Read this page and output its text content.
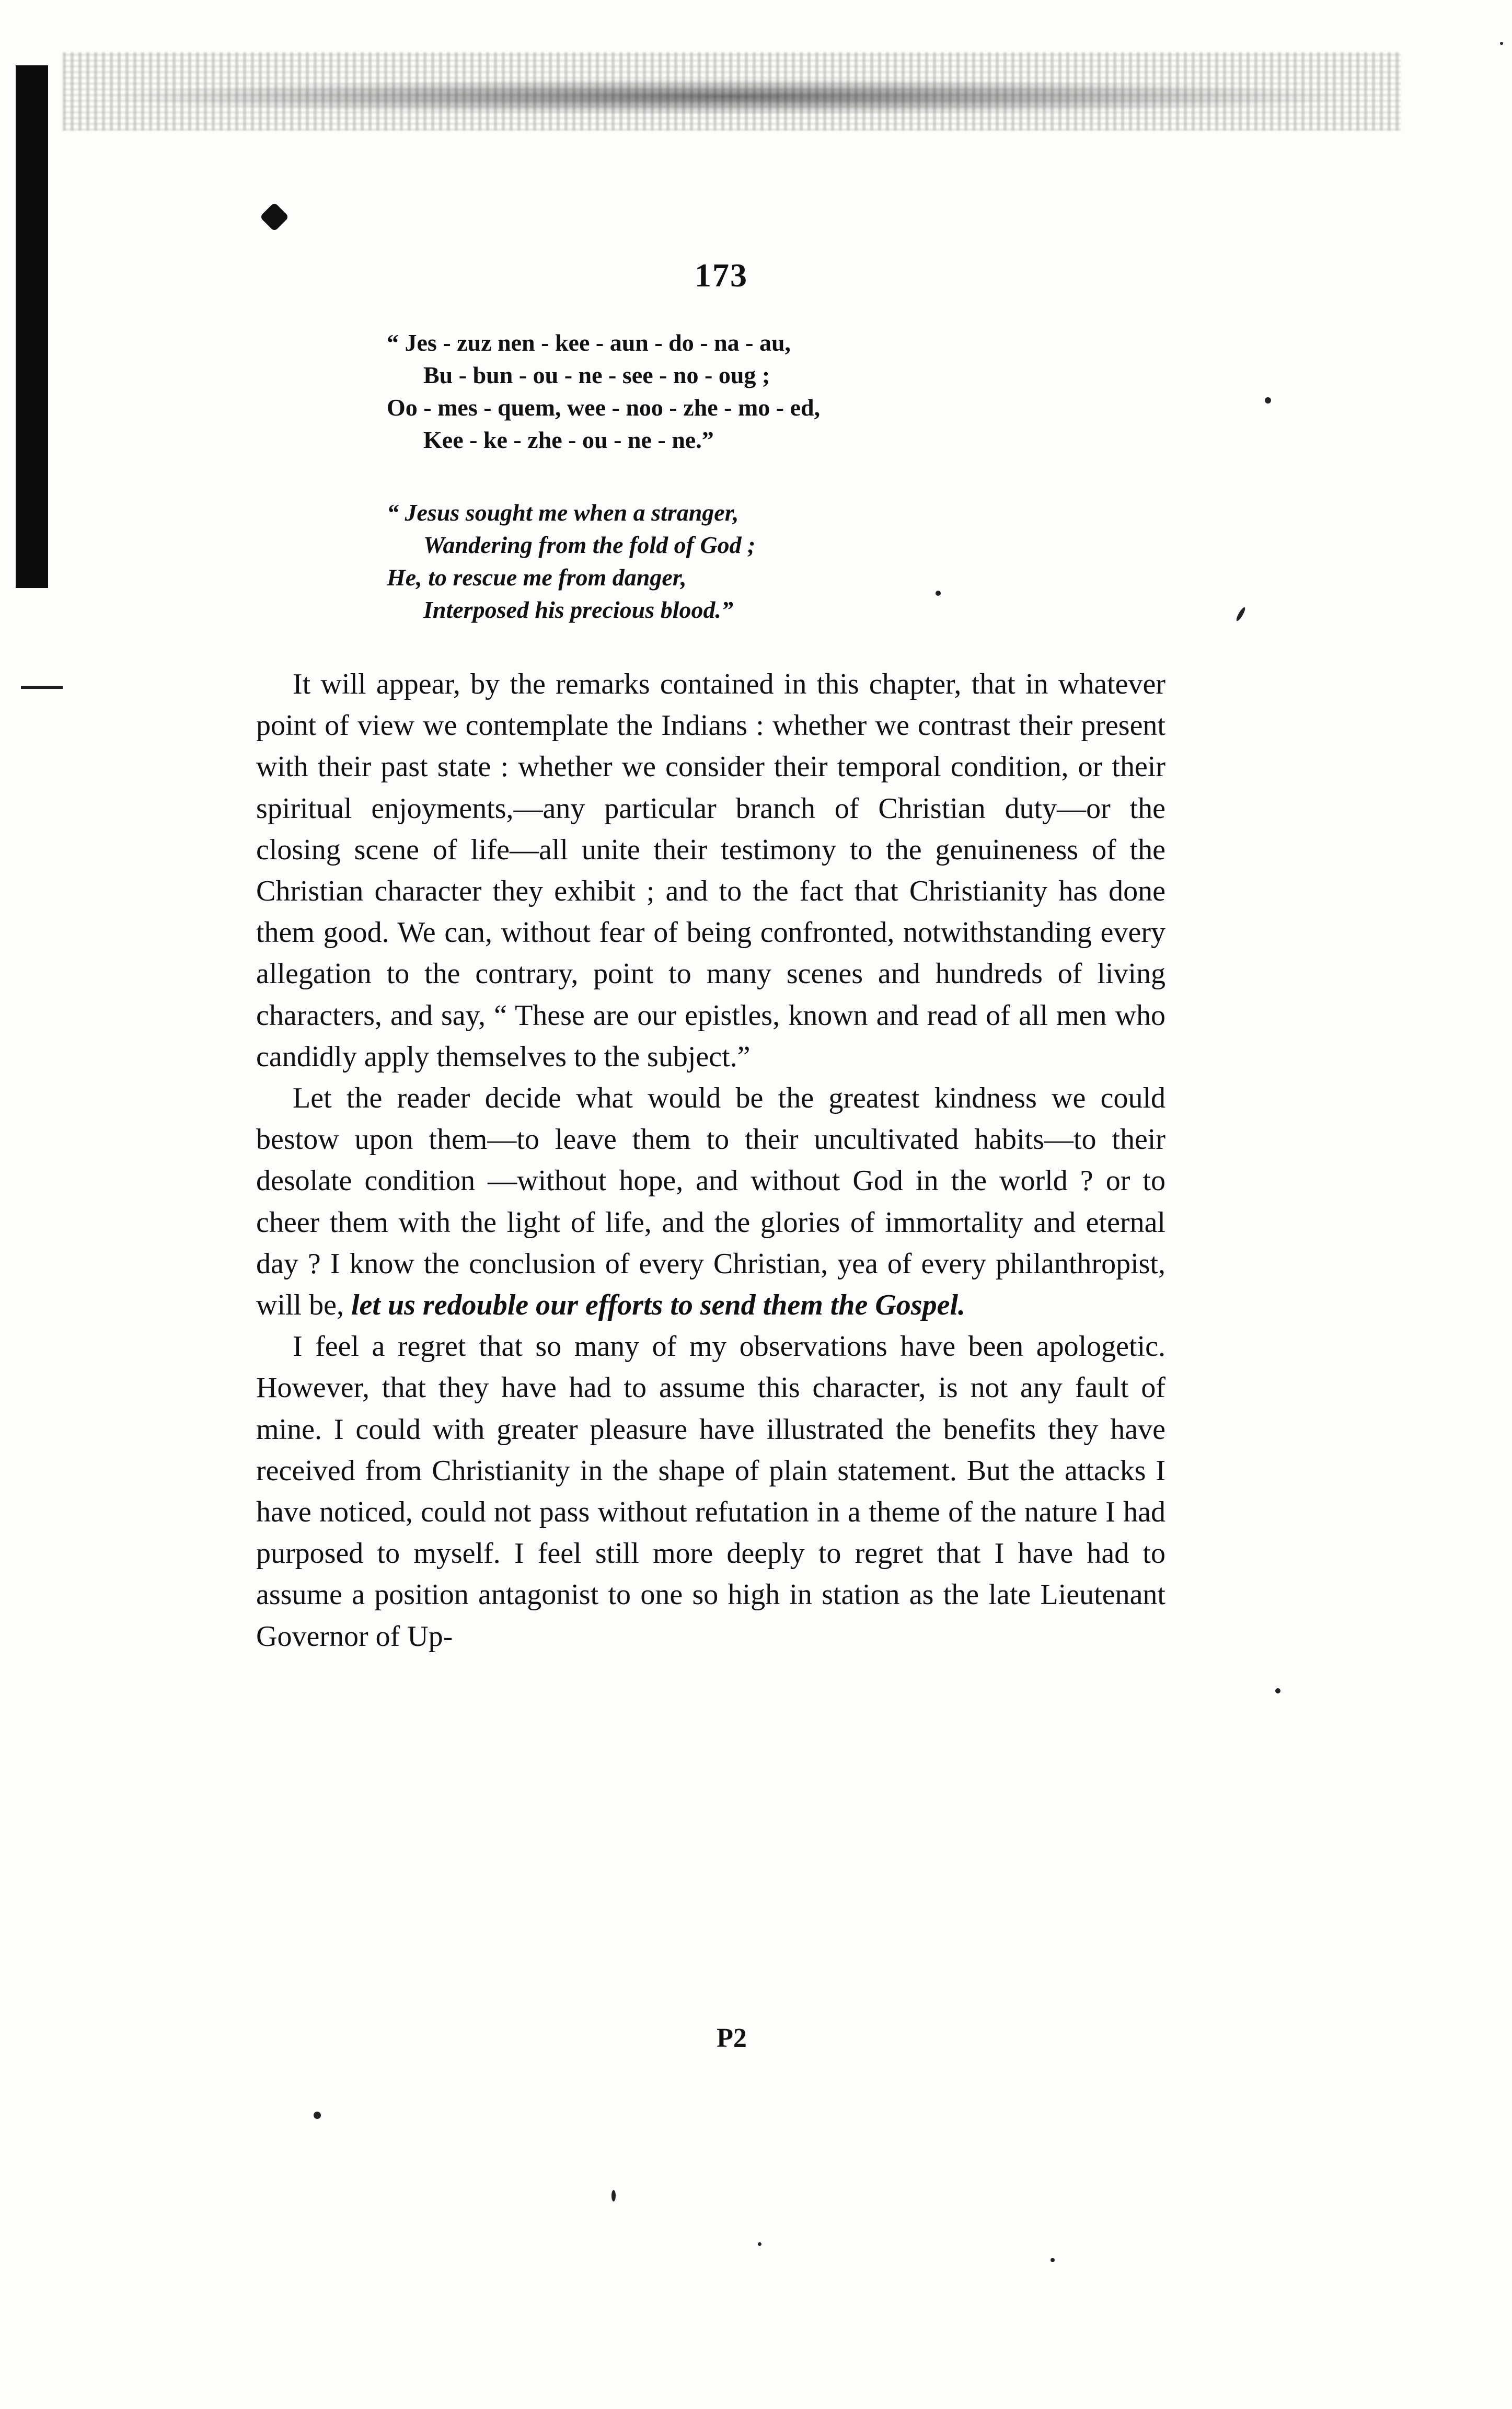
173
“ Jes - zuz nen - kee - aun - do - na - au,
Bu - bun - ou - ne - see - no - oug ;
Oo - mes - quem, wee - noo - zhe - mo - ed,
Kee - ke - zhe - ou - ne - ne.”
“ Jesus sought me when a stranger,
Wandering from the fold of God ;
He, to rescue me from danger,
Interposed his precious blood.”

It will appear, by the remarks contained in this chapter, that in whatever point of view we contemplate the Indians : whether we contrast their present with their past state : whether we consider their temporal condition, or their spiritual enjoyments,—any particular branch of Christian duty—or the closing scene of life—all unite their testimony to the genuineness of the Christian character they exhibit ; and to the fact that Christianity has done them good. We can, without fear of being confronted, notwithstanding every allegation to the contrary, point to many scenes and hundreds of living characters, and say, “ These are our epistles, known and read of all men who candidly apply themselves to the subject.”

Let the reader decide what would be the greatest kindness we could bestow upon them—to leave them to their uncultivated habits—to their desolate condition —without hope, and without God in the world ? or to cheer them with the light of life, and the glories of immortality and eternal day ? I know the conclusion of every Christian, yea of every philanthropist, will be, let us redouble our efforts to send them the Gospel.

I feel a regret that so many of my observations have been apologetic. However, that they have had to assume this character, is not any fault of mine. I could with greater pleasure have illustrated the benefits they have received from Christianity in the shape of plain statement. But the attacks I have noticed, could not pass without refutation in a theme of the nature I had purposed to myself. I feel still more deeply to regret that I have had to assume a position antagonist to one so high in station as the late Lieutenant Governor of Up-

P2
